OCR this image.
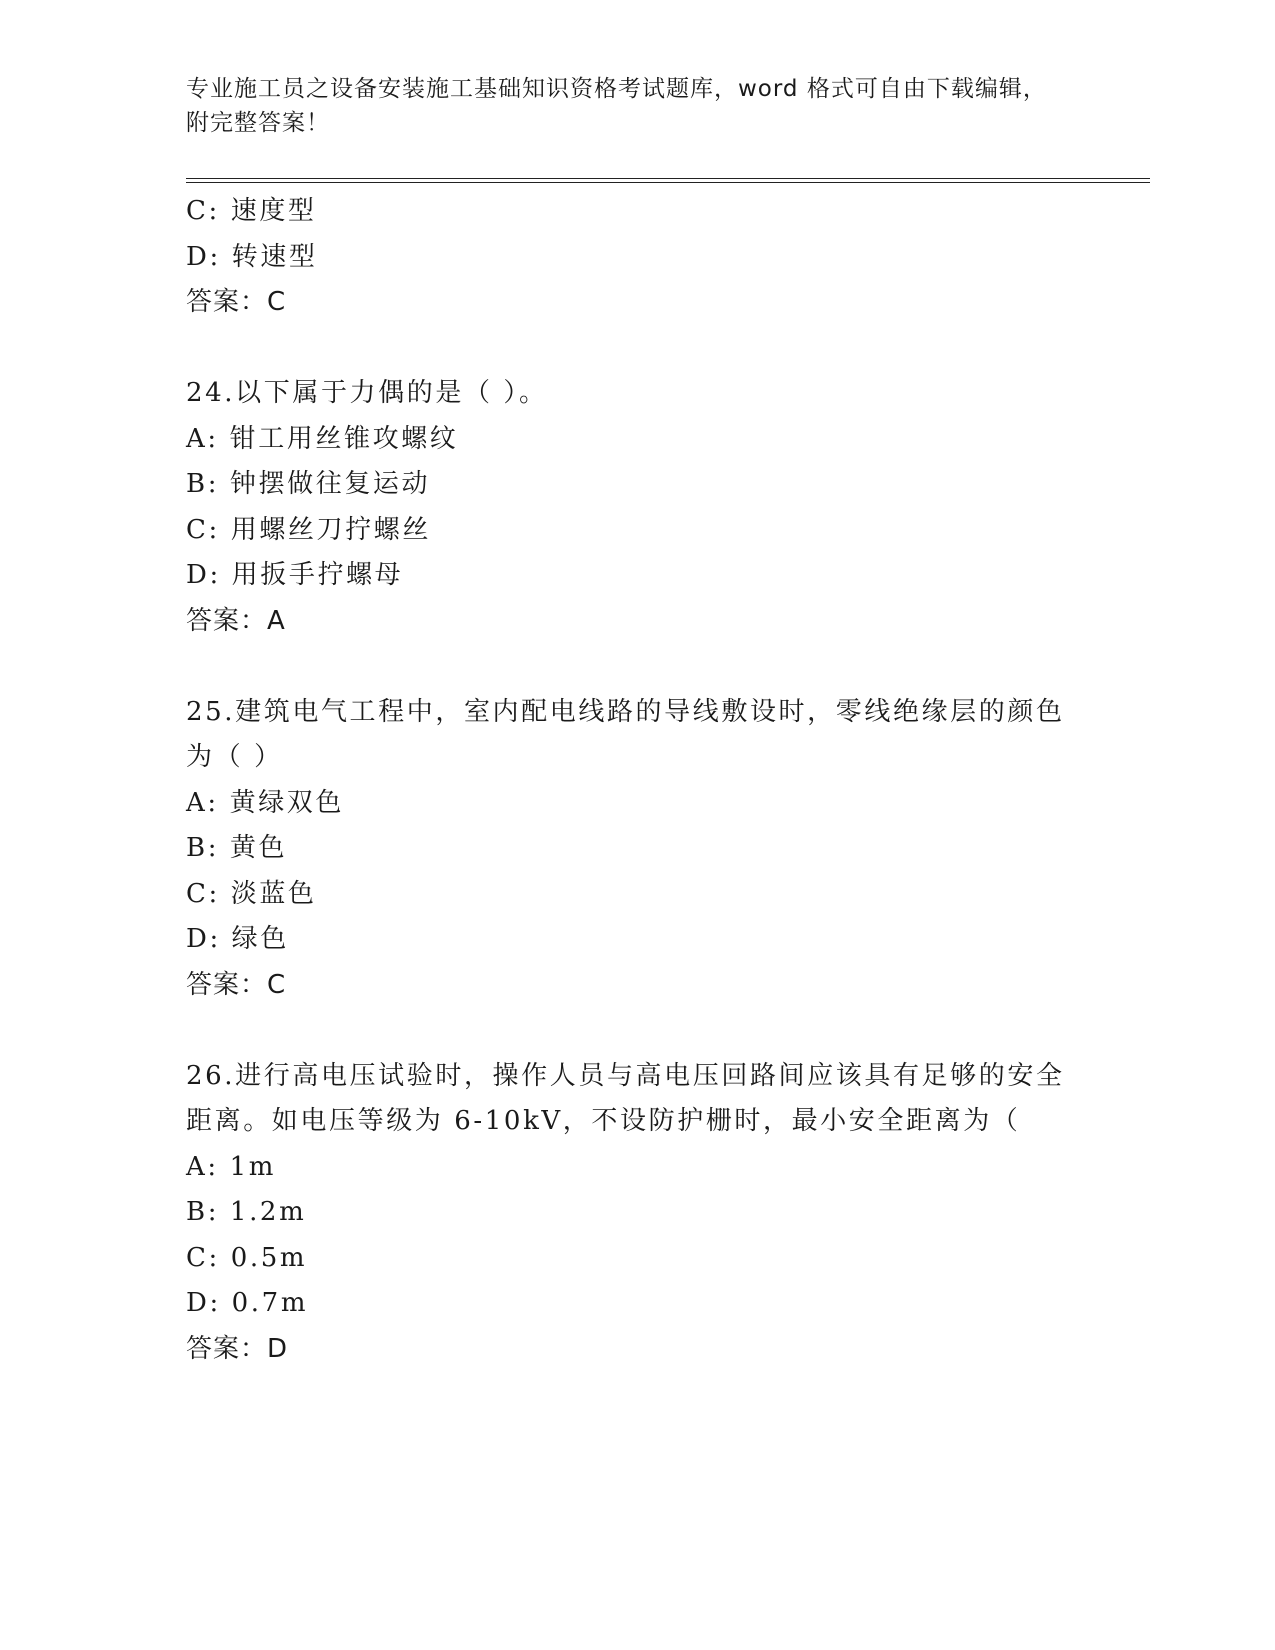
专业施工员之设备安装施工基础知识资格考试题库，word 格式可自由下载编辑，
附完整答案！
C: 速度型
D: 转速型
答案：C
24.以下属于力偶的是（ ）。
A: 钳工用丝锥攻螺纹
B: 钟摆做往复运动
C: 用螺丝刀拧螺丝
D: 用扳手拧螺母
答案：A
25.建筑电气工程中，室内配电线路的导线敷设时，零线绝缘层的颜色
为（ ）
A: 黄绿双色
B: 黄色
C: 淡蓝色
D: 绿色
答案：C
26.进行高电压试验时，操作人员与高电压回路间应该具有足够的安全
距离。如电压等级为 6-10kV，不设防护栅时，最小安全距离为（
A: 1m
B: 1.2m
C: 0.5m
D: 0.7m
答案：D
